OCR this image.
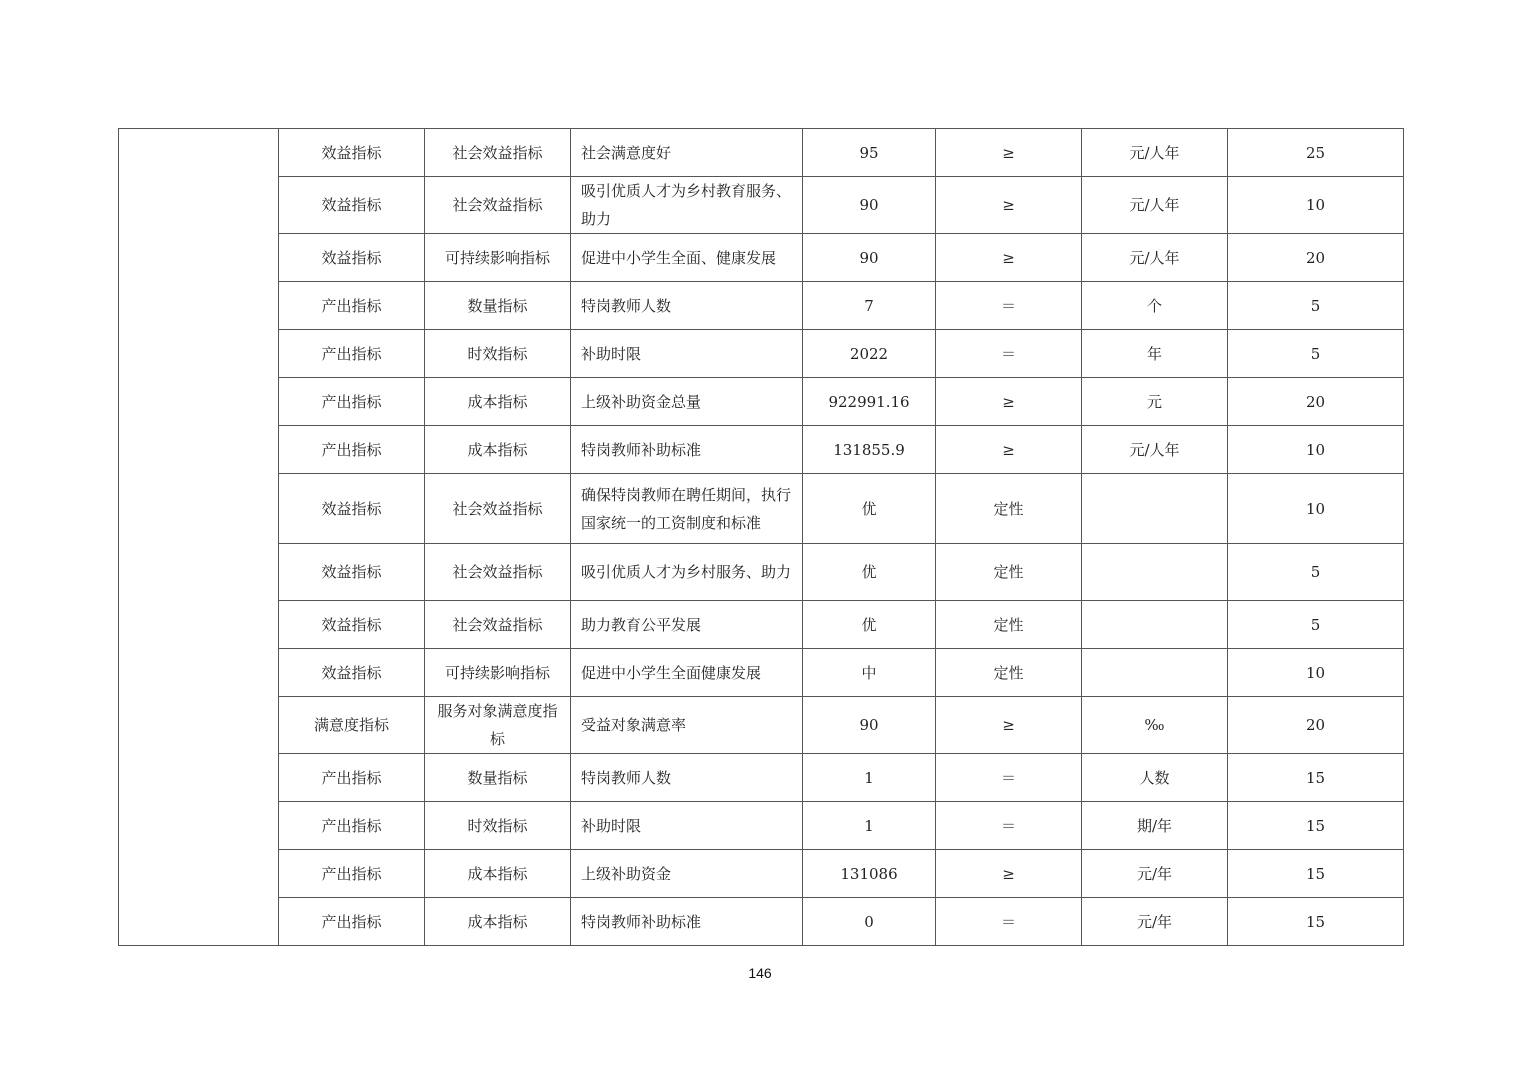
	效益指标	社会效益指标	社会满意度好	95	≥	元/人年	25
	效益指标	社会效益指标	吸引优质人才为乡村教育服务、助力	90	≥	元/人年	10
	效益指标	可持续影响指标	促进中小学生全面、健康发展	90	≥	元/人年	20
	产出指标	数量指标	特岗教师人数	7	＝	个	5
	产出指标	时效指标	补助时限	2022	＝	年	5
	产出指标	成本指标	上级补助资金总量	922991.16	≥	元	20
	产出指标	成本指标	特岗教师补助标准	131855.9	≥	元/人年	10
	效益指标	社会效益指标	确保特岗教师在聘任期间，执行国家统一的工资制度和标准	优	定性		10
	效益指标	社会效益指标	吸引优质人才为乡村服务、助力	优	定性		5
	效益指标	社会效益指标	助力教育公平发展	优	定性		5
	效益指标	可持续影响指标	促进中小学生全面健康发展	中	定性		10
	满意度指标	服务对象满意度指标	受益对象满意率	90	≥	‰	20
	产出指标	数量指标	特岗教师人数	1	＝	人数	15
	产出指标	时效指标	补助时限	1	＝	期/年	15
	产出指标	成本指标	上级补助资金	131086	≥	元/年	15
	产出指标	成本指标	特岗教师补助标准	0	＝	元/年	15
146
